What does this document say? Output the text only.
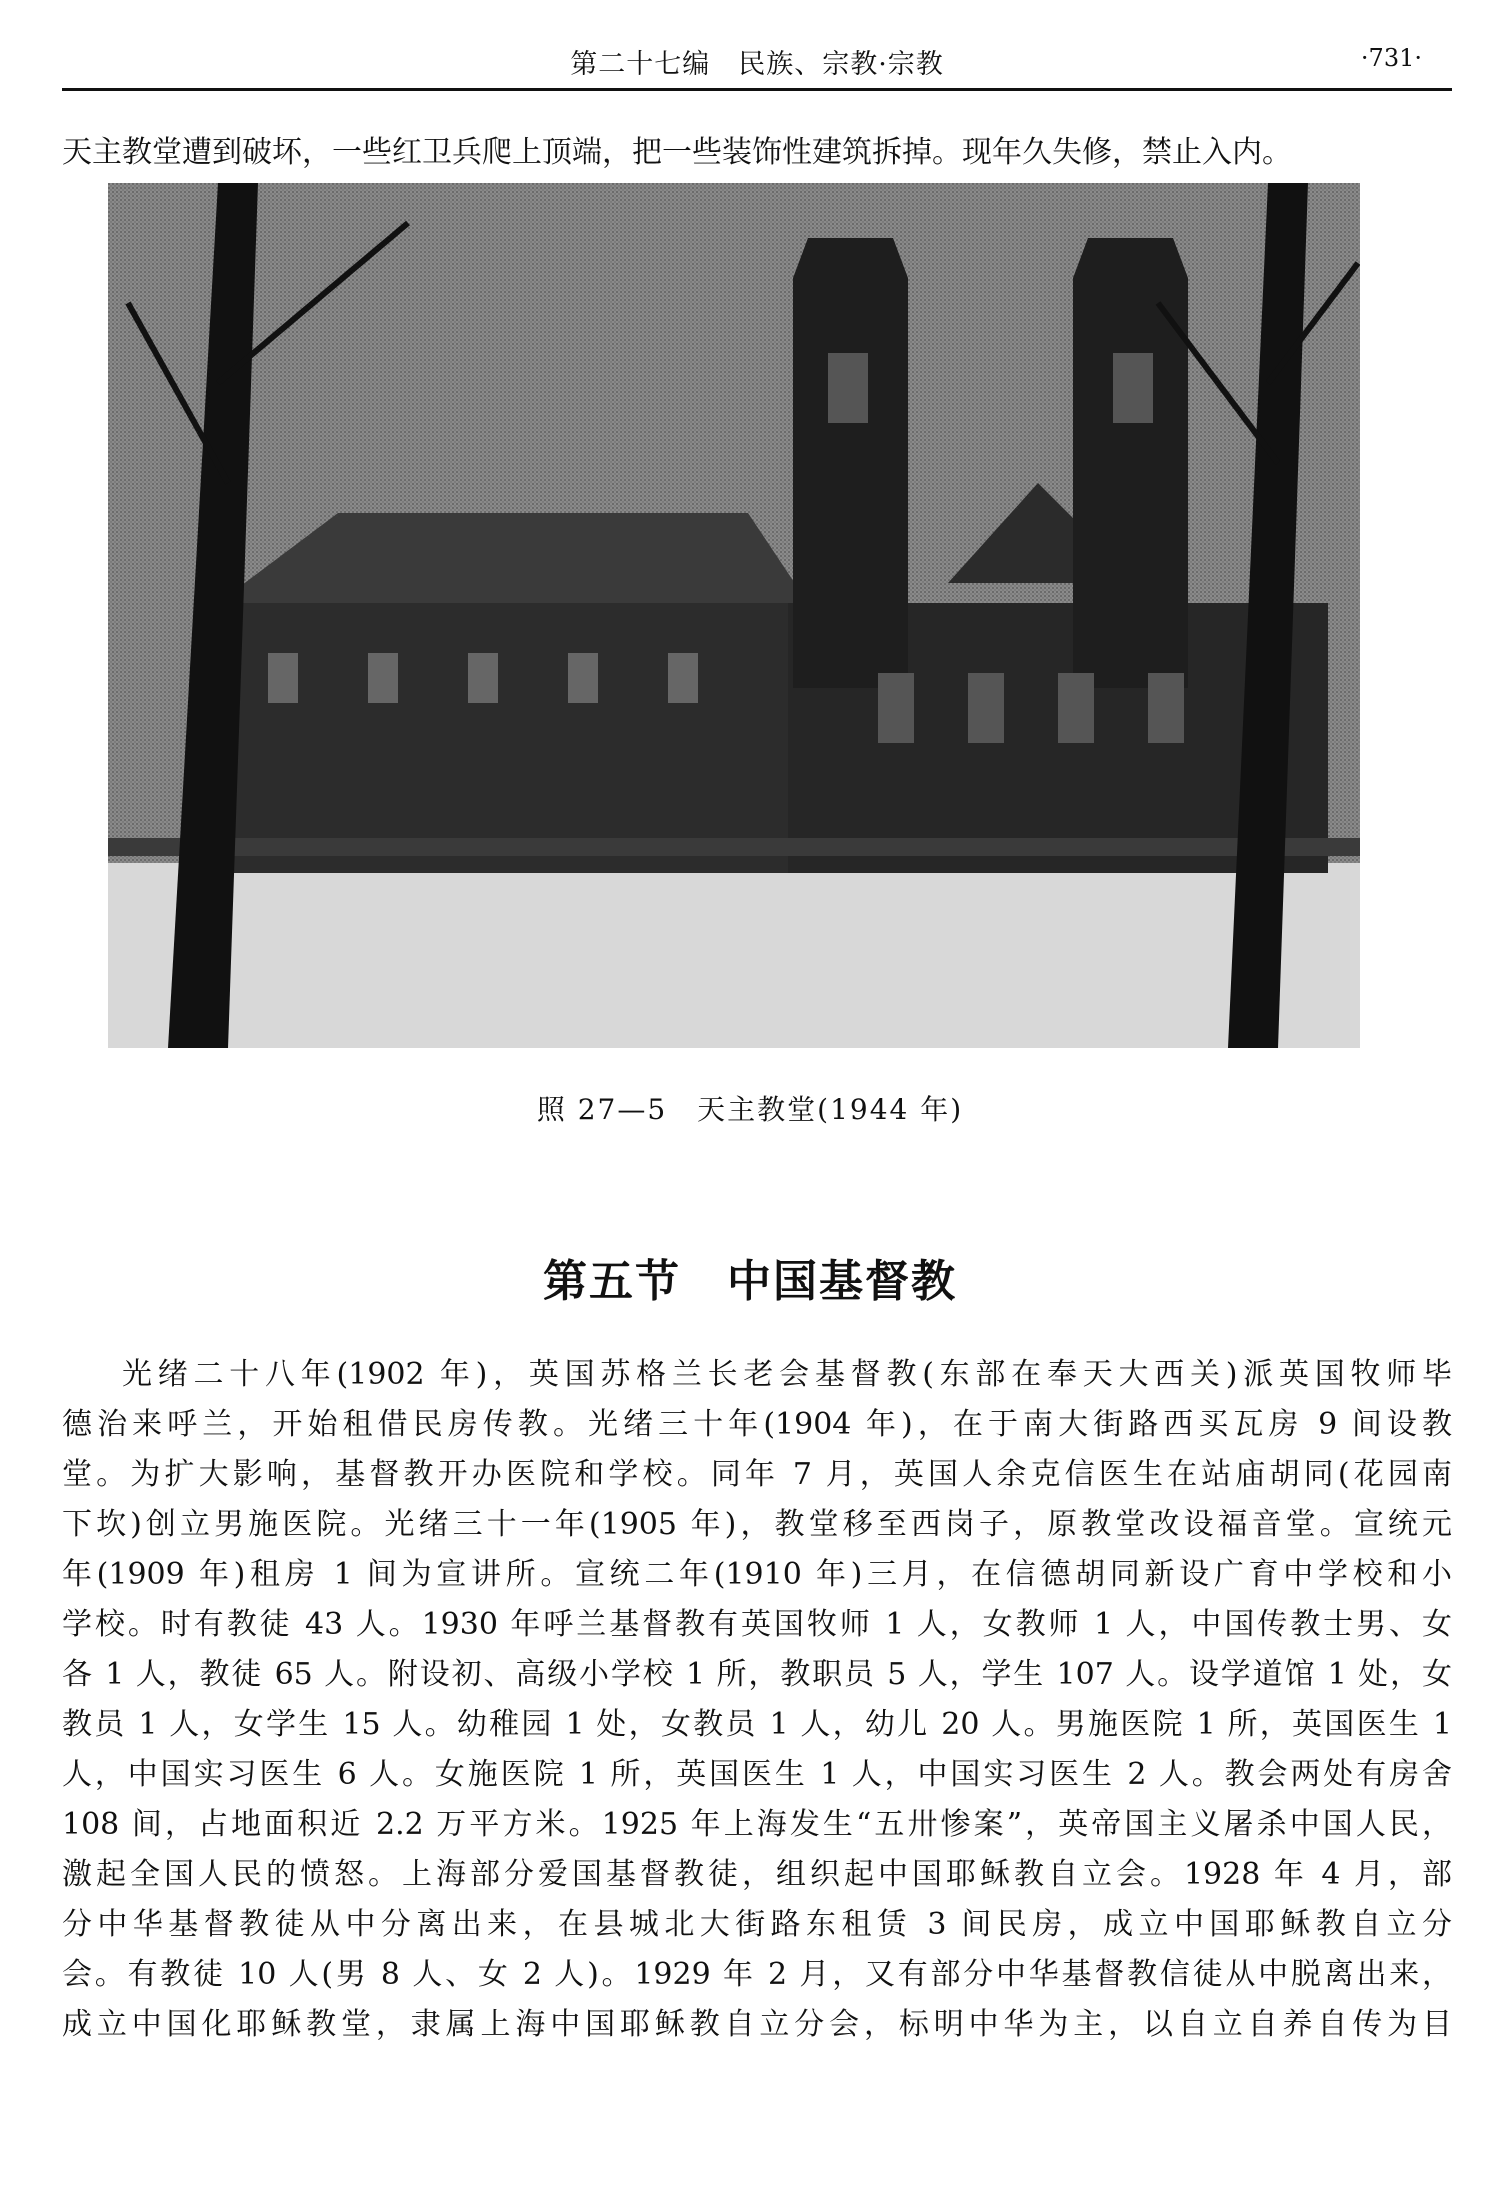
第二十七编　民族、宗教·宗教	·731·
天主教堂遭到破坏，一些红卫兵爬上顶端，把一些装饰性建筑拆掉。现年久失修，禁止入内。
照 27—5　天主教堂(1944 年)
第五节　中国基督教
光绪二十八年(1902 年)，英国苏格兰长老会基督教(东部在奉天大西关)派英国牧师毕
德治来呼兰，开始租借民房传教。光绪三十年(1904 年)，在于南大街路西买瓦房 9 间设教
堂。为扩大影响，基督教开办医院和学校。同年 7 月，英国人余克信医生在站庙胡同(花园南
下坎)创立男施医院。光绪三十一年(1905 年)，教堂移至西岗子，原教堂改设福音堂。宣统元
年(1909 年)租房 1 间为宣讲所。宣统二年(1910 年)三月，在信德胡同新设广育中学校和小
学校。时有教徒 43 人。1930 年呼兰基督教有英国牧师 1 人，女教师 1 人，中国传教士男、女
各 1 人，教徒 65 人。附设初、高级小学校 1 所，教职员 5 人，学生 107 人。设学道馆 1 处，女
教员 1 人，女学生 15 人。幼稚园 1 处，女教员 1 人，幼儿 20 人。男施医院 1 所，英国医生 1
人，中国实习医生 6 人。女施医院 1 所，英国医生 1 人，中国实习医生 2 人。教会两处有房舍
108 间，占地面积近 2.2 万平方米。1925 年上海发生“五卅惨案”，英帝国主义屠杀中国人民，
激起全国人民的愤怒。上海部分爱国基督教徒，组织起中国耶稣教自立会。1928 年 4 月，部
分中华基督教徒从中分离出来，在县城北大街路东租赁 3 间民房，成立中国耶稣教自立分
会。有教徒 10 人(男 8 人、女 2 人)。1929 年 2 月，又有部分中华基督教信徒从中脱离出来，
成立中国化耶稣教堂，隶属上海中国耶稣教自立分会，标明中华为主，以自立自养自传为目
